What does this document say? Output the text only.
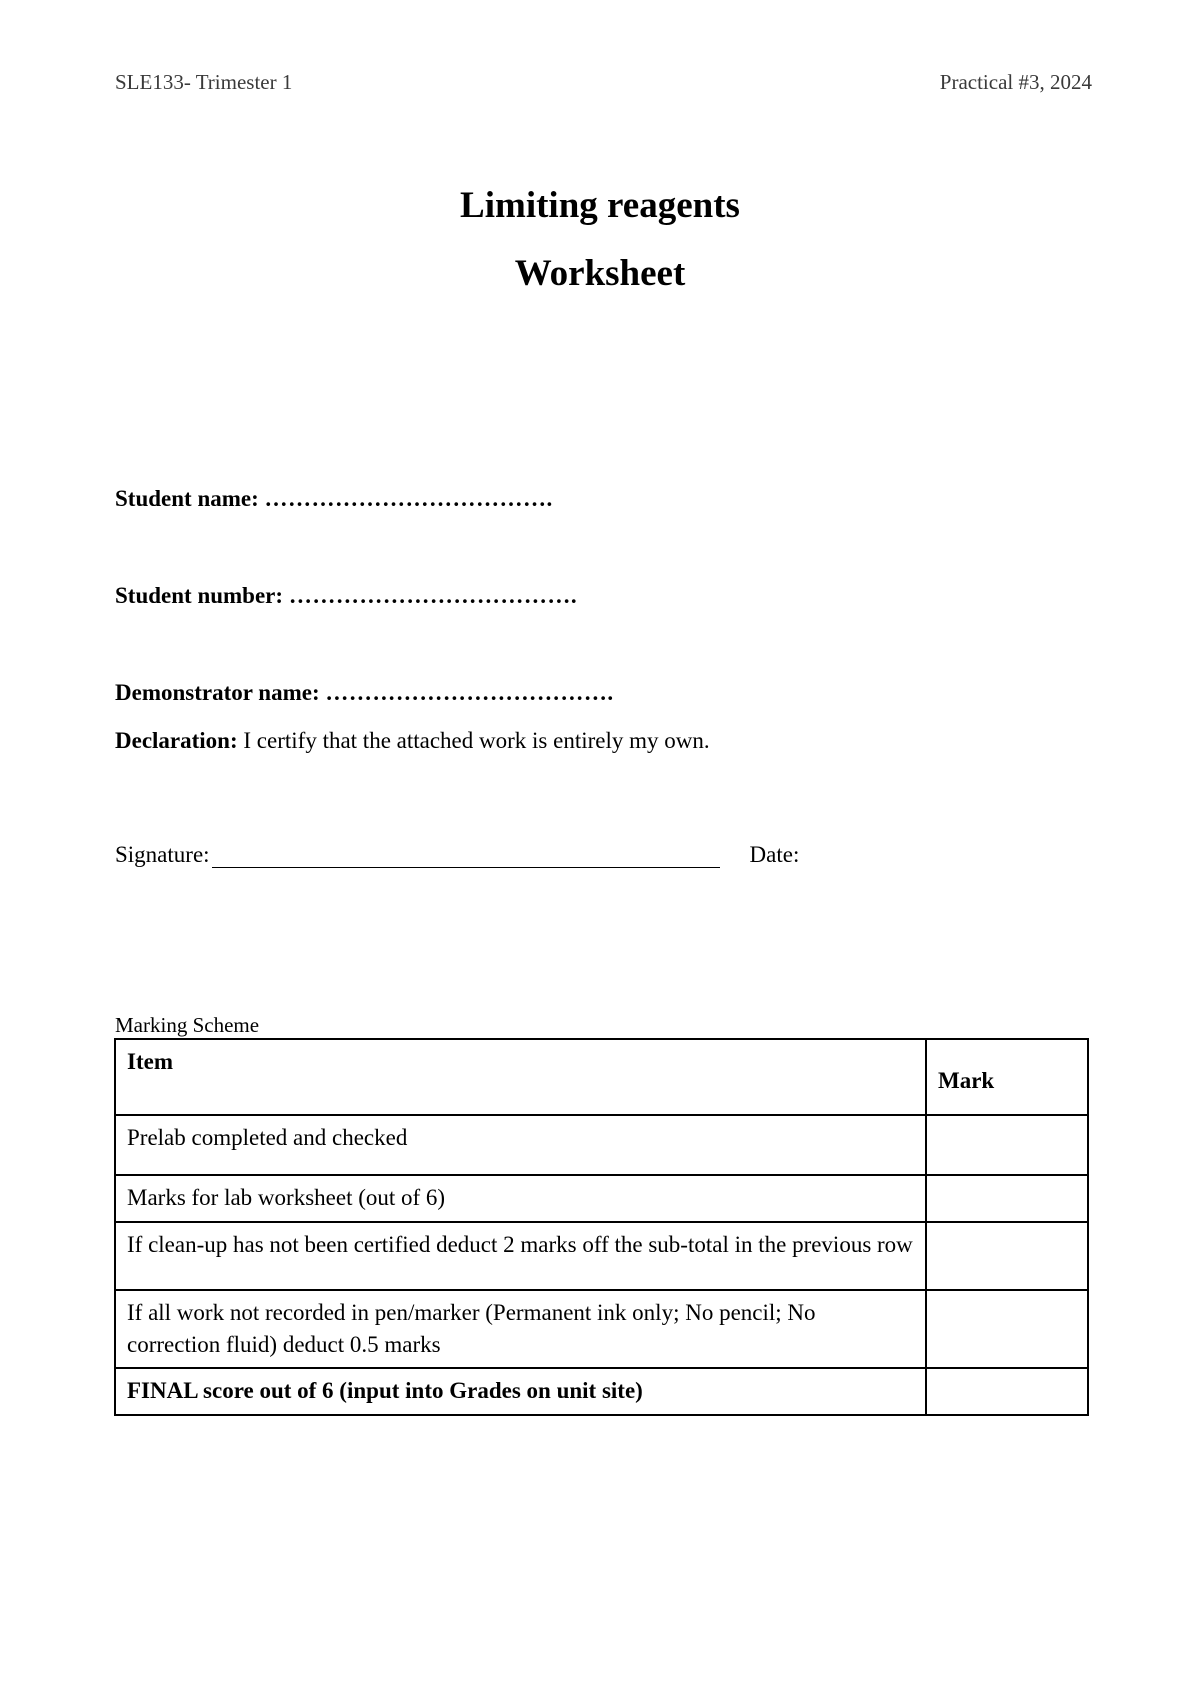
SLE133- Trimester 1	Practical #3, 2024

Limiting reagents

Worksheet

Student name: ……………………………….
Student number: ……………………………….
Demonstrator name: ……………………………….
Declaration: I certify that the attached work is entirely my own.
Signature:	Date:
Marking Scheme
Item	Mark
Prelab completed and checked	
Marks for lab worksheet (out of 6)	
If clean-up has not been certified deduct 2 marks off the sub-total in the previous row	
If all work not recorded in pen/marker (Permanent ink only; No pencil; No correction fluid) deduct 0.5 marks	
FINAL score out of 6 (input into Grades on unit site)	
